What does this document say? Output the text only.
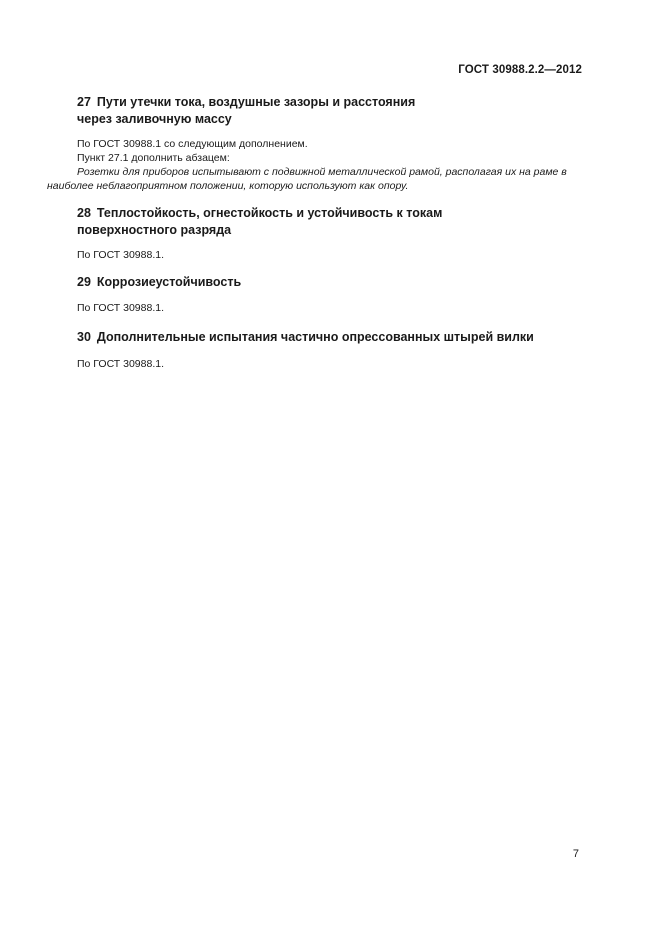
ГОСТ 30988.2.2—2012

27 Пути утечки тока, воздушные зазоры и расстояния
через заливочную массу

По ГОСТ 30988.1 со следующим дополнением.

Пункт 27.1 дополнить абзацем:

Розетки для приборов испытывают с подвижной металлической рамой, располагая их на раме в наиболее неблагоприятном положении, которую используют как опору.

28 Теплостойкость, огнестойкость и устойчивость к токам
поверхностного разряда

По ГОСТ 30988.1.

29 Коррозиеустойчивость

По ГОСТ 30988.1.

30 Дополнительные испытания частично опрессованных штырей вилки

По ГОСТ 30988.1.

7
